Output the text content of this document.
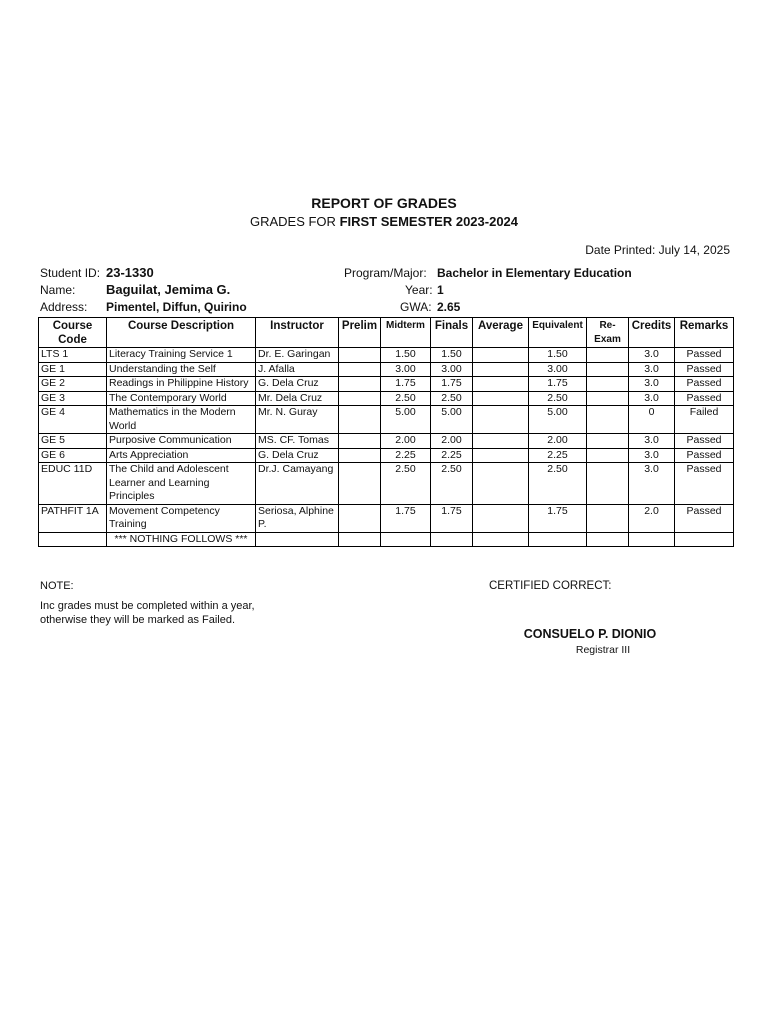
REPORT OF GRADES
GRADES FOR FIRST SEMESTER 2023-2024
Date Printed: July 14, 2025
Student ID: 23-1330
Name: Baguilat, Jemima G.
Address: Pimentel, Diffun, Quirino
Program/Major: Bachelor in Elementary Education
Year: 1
GWA: 2.65
Course Code	Course Description	Instructor	Prelim	Midterm	Finals	Average	Equivalent	Re-Exam	Credits	Remarks
LTS 1	Literacy Training Service 1	Dr. E. Garingan		1.50	1.50		1.50		3.0	Passed
GE 1	Understanding the Self	J. Afalla		3.00	3.00		3.00		3.0	Passed
GE 2	Readings in Philippine History	G. Dela Cruz		1.75	1.75		1.75		3.0	Passed
GE 3	The Contemporary World	Mr. Dela Cruz		2.50	2.50		2.50		3.0	Passed
GE 4	Mathematics in the Modern World	Mr. N. Guray		5.00	5.00		5.00		0	Failed
GE 5	Purposive Communication	MS. CF. Tomas		2.00	2.00		2.00		3.0	Passed
GE 6	Arts Appreciation	G. Dela Cruz		2.25	2.25		2.25		3.0	Passed
EDUC 11D	The Child and Adolescent Learner and Learning Principles	Dr.J. Camayang		2.50	2.50		2.50		3.0	Passed
PATHFIT 1A	Movement Competency Training	Seriosa, Alphine P.		1.75	1.75		1.75		2.0	Passed
	*** NOTHING FOLLOWS ***									
NOTE:
Inc grades must be completed within a year, otherwise they will be marked as Failed.
CERTIFIED CORRECT:
CONSUELO P. DIONIO
Registrar III
